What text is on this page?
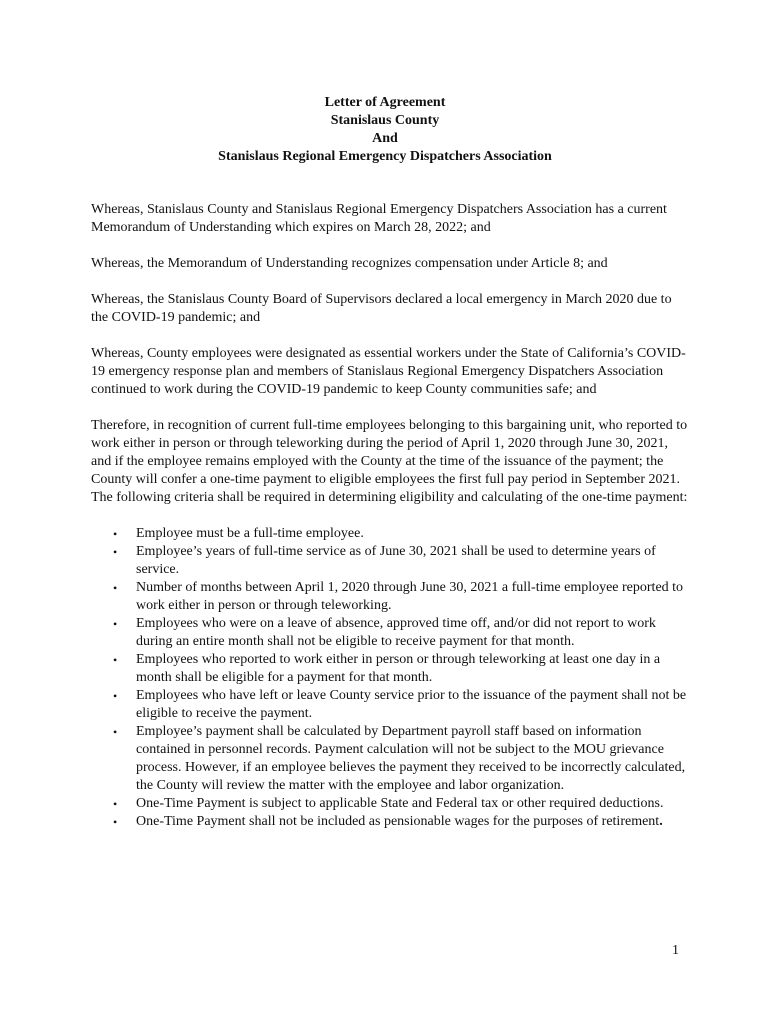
Letter of Agreement
Stanislaus County
And
Stanislaus Regional Emergency Dispatchers Association

Whereas, Stanislaus County and Stanislaus Regional Emergency Dispatchers Association has a current Memorandum of Understanding which expires on March 28, 2022; and

Whereas, the Memorandum of Understanding recognizes compensation under Article 8; and

Whereas, the Stanislaus County Board of Supervisors declared a local emergency in March 2020 due to the COVID-19 pandemic; and

Whereas, County employees were designated as essential workers under the State of California’s COVID-19 emergency response plan and members of Stanislaus Regional Emergency Dispatchers Association continued to work during the COVID-19 pandemic to keep County communities safe; and

Therefore, in recognition of current full-time employees belonging to this bargaining unit, who reported to work either in person or through teleworking during the period of April 1, 2020 through June 30, 2021, and if the employee remains employed with the County at the time of the issuance of the payment; the County will confer a one-time payment to eligible employees the first full pay period in September 2021. The following criteria shall be required in determining eligibility and calculating of the one-time payment:

• Employee must be a full-time employee.
• Employee’s years of full-time service as of June 30, 2021 shall be used to determine years of service.
• Number of months between April 1, 2020 through June 30, 2021 a full-time employee reported to work either in person or through teleworking.
• Employees who were on a leave of absence, approved time off, and/or did not report to work during an entire month shall not be eligible to receive payment for that month.
• Employees who reported to work either in person or through teleworking at least one day in a month shall be eligible for a payment for that month.
• Employees who have left or leave County service prior to the issuance of the payment shall not be eligible to receive the payment.
• Employee’s payment shall be calculated by Department payroll staff based on information contained in personnel records. Payment calculation will not be subject to the MOU grievance process. However, if an employee believes the payment they received to be incorrectly calculated, the County will review the matter with the employee and labor organization.
• One-Time Payment is subject to applicable State and Federal tax or other required deductions.
• One-Time Payment shall not be included as pensionable wages for the purposes of retirement.
1
